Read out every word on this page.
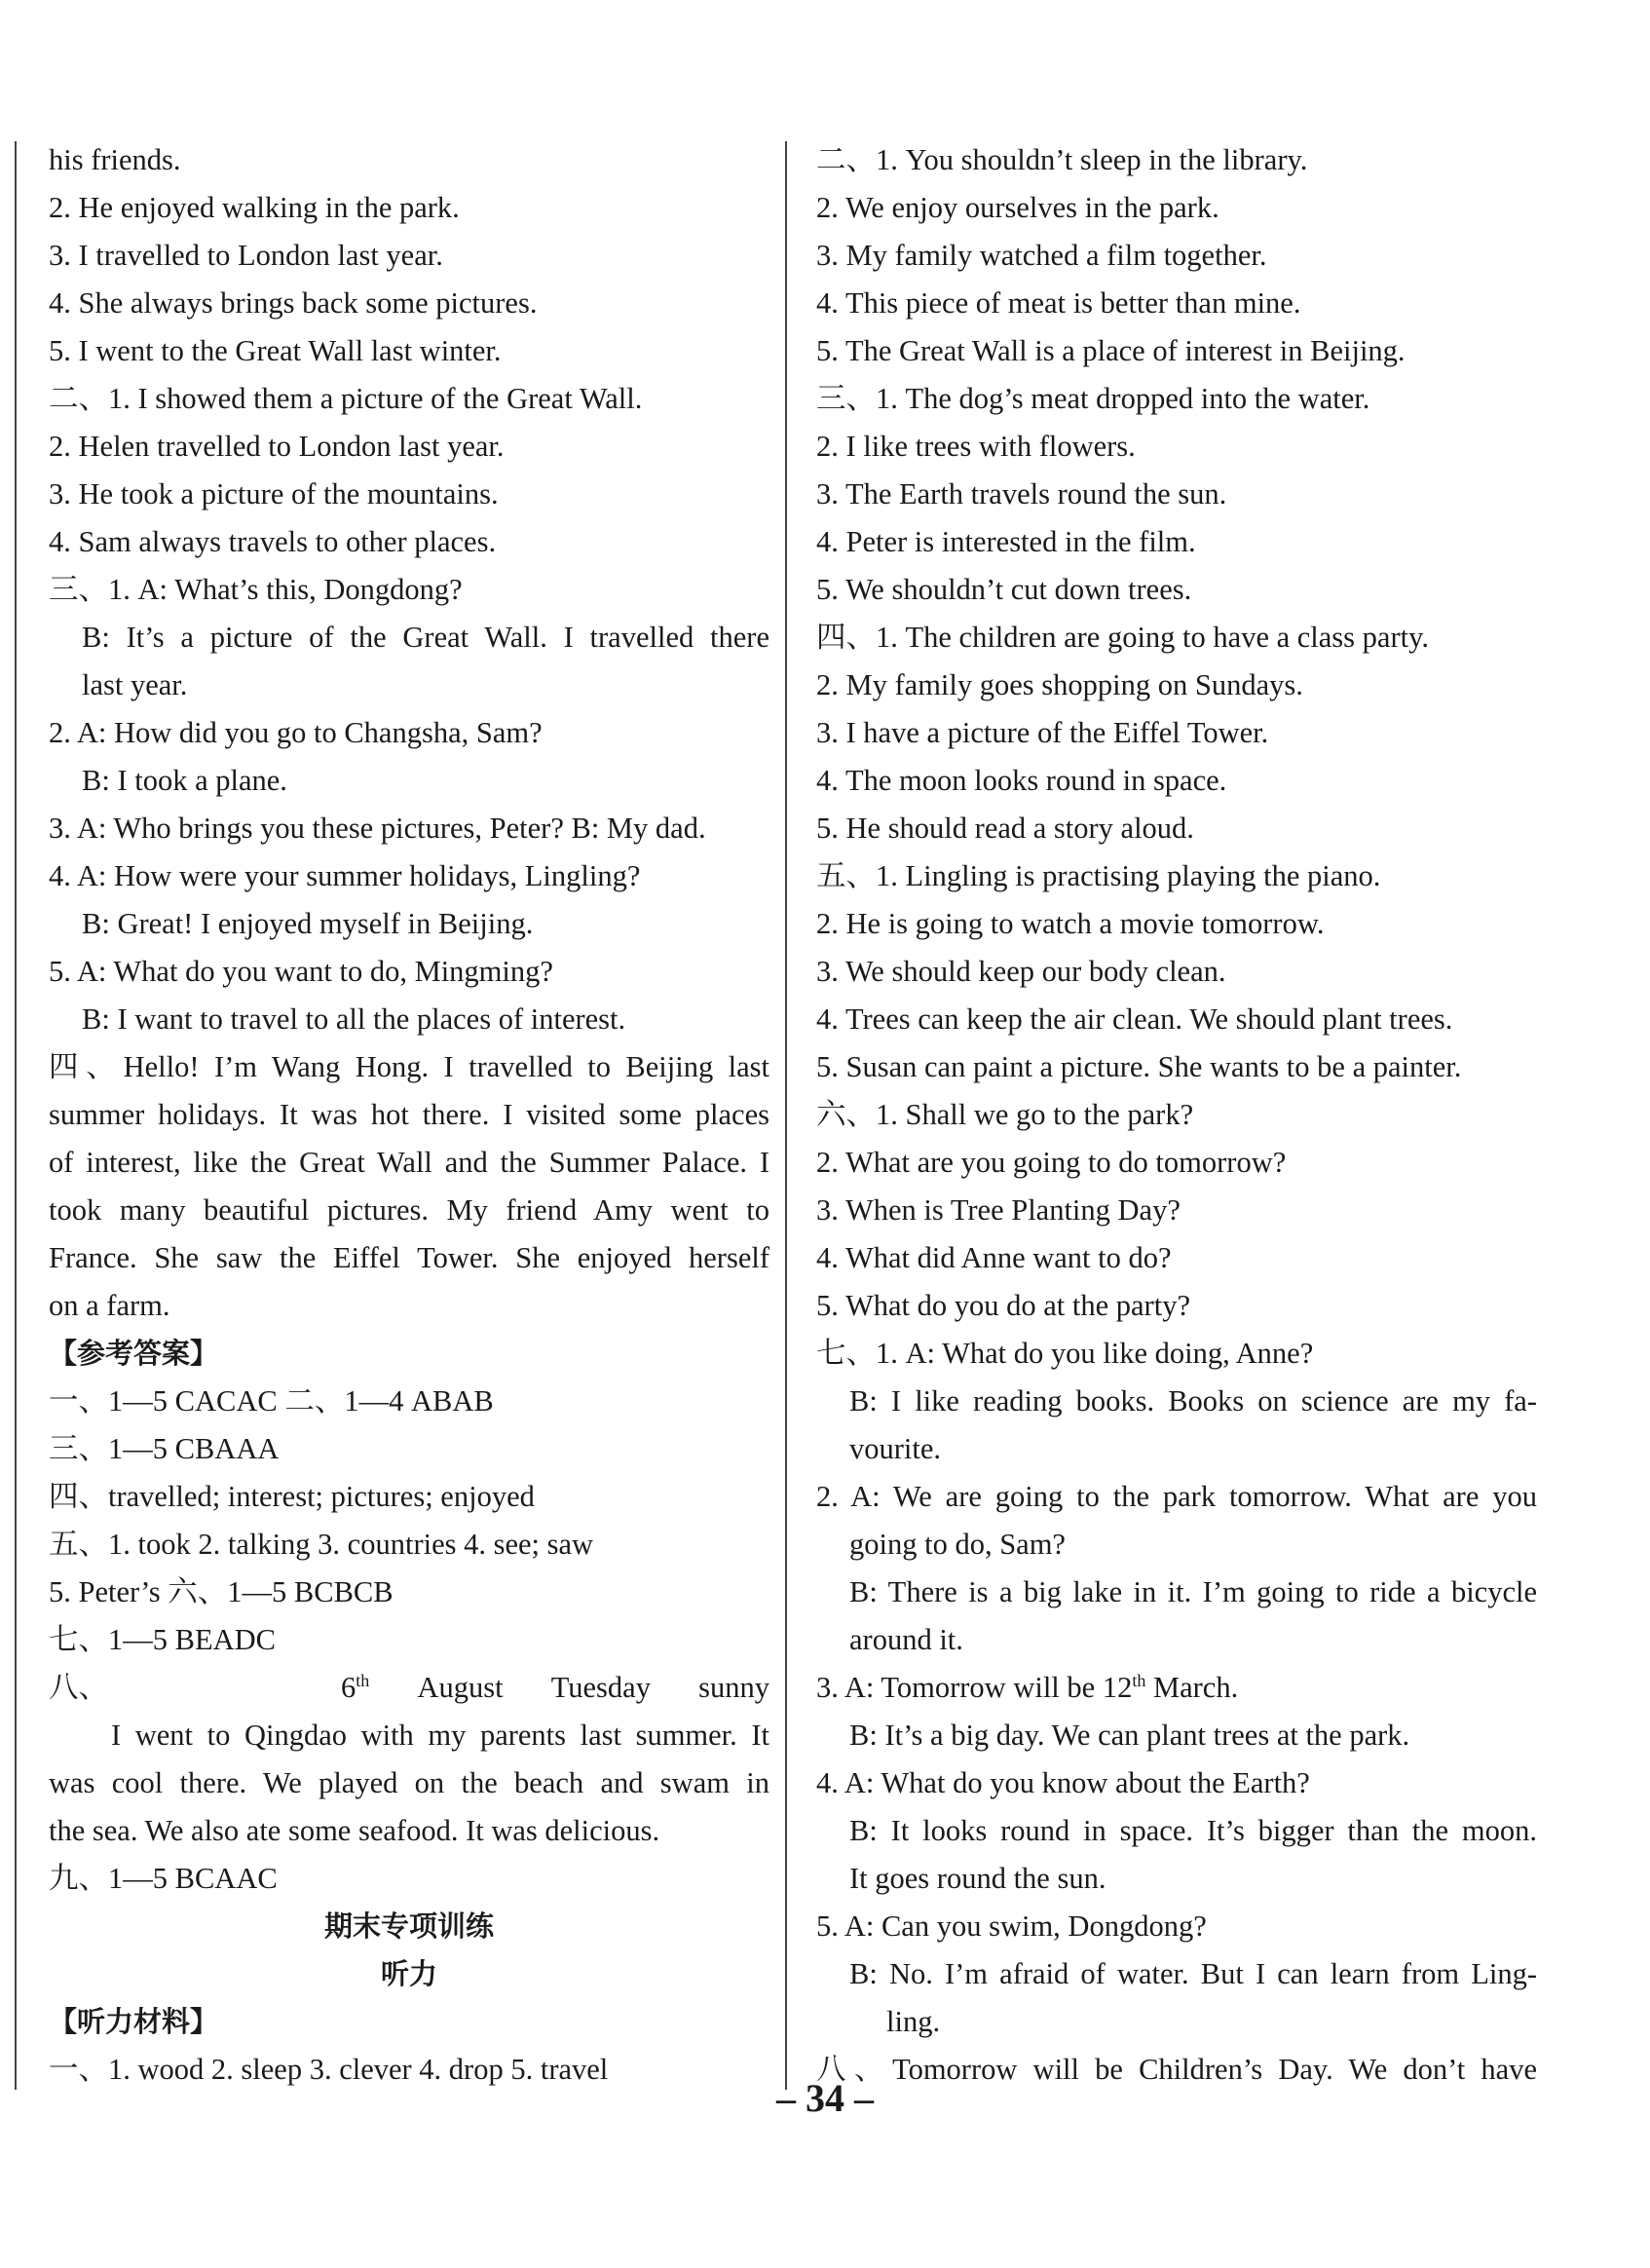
his friends.
2. He enjoyed walking in the park.
3. I travelled to London last year.
4. She always brings back some pictures.
5. I went to the Great Wall last winter.
二、1. I showed them a picture of the Great Wall.
2. Helen travelled to London last year.
3. He took a picture of the mountains.
4. Sam always travels to other places.
三、1. A: What’s this, Dongdong?
B: It’s a picture of the Great Wall. I travelled there
last year.
2. A: How did you go to Changsha, Sam?
B: I took a plane.
3. A: Who brings you these pictures, Peter? B: My dad.
4. A: How were your summer holidays, Lingling?
B: Great! I enjoyed myself in Beijing.
5. A: What do you want to do, Mingming?
B: I want to travel to all the places of interest.
四、Hello! I’m Wang Hong. I travelled to Beijing last
summer holidays. It was hot there. I visited some places
of interest, like the Great Wall and the Summer Palace. I
took many beautiful pictures. My friend Amy went to
France. She saw the Eiffel Tower. She enjoyed herself
on a farm.
【参考答案】
一、1—5 CACAC 二、1—4 ABAB
三、1—5 CBAAA
四、travelled; interest; pictures; enjoyed
五、1. took 2. talking 3. countries 4. see; saw
5. Peter’s 六、1—5 BCBCB
七、1—5 BEADC
八、	6th August Tuesday sunny
I went to Qingdao with my parents last summer. It
was cool there. We played on the beach and swam in
the sea. We also ate some seafood. It was delicious.
九、1—5 BCAAC
期末专项训练
听力
【听力材料】
一、1. wood 2. sleep 3. clever 4. drop 5. travel
二、1. You shouldn’t sleep in the library.
2. We enjoy ourselves in the park.
3. My family watched a film together.
4. This piece of meat is better than mine.
5. The Great Wall is a place of interest in Beijing.
三、1. The dog’s meat dropped into the water.
2. I like trees with flowers.
3. The Earth travels round the sun.
4. Peter is interested in the film.
5. We shouldn’t cut down trees.
四、1. The children are going to have a class party.
2. My family goes shopping on Sundays.
3. I have a picture of the Eiffel Tower.
4. The moon looks round in space.
5. He should read a story aloud.
五、1. Lingling is practising playing the piano.
2. He is going to watch a movie tomorrow.
3. We should keep our body clean.
4. Trees can keep the air clean. We should plant trees.
5. Susan can paint a picture. She wants to be a painter.
六、1. Shall we go to the park?
2. What are you going to do tomorrow?
3. When is Tree Planting Day?
4. What did Anne want to do?
5. What do you do at the party?
七、1. A: What do you like doing, Anne?
B: I like reading books. Books on science are my fa-
vourite.
2. A: We are going to the park tomorrow. What are you
going to do, Sam?
B: There is a big lake in it. I’m going to ride a bicycle
around it.
3. A: Tomorrow will be 12th March.
B: It’s a big day. We can plant trees at the park.
4. A: What do you know about the Earth?
B: It looks round in space. It’s bigger than the moon.
It goes round the sun.
5. A: Can you swim, Dongdong?
B: No. I’m afraid of water. But I can learn from Ling-
ling.
八、Tomorrow will be Children’s Day. We don’t have
– 34 –
